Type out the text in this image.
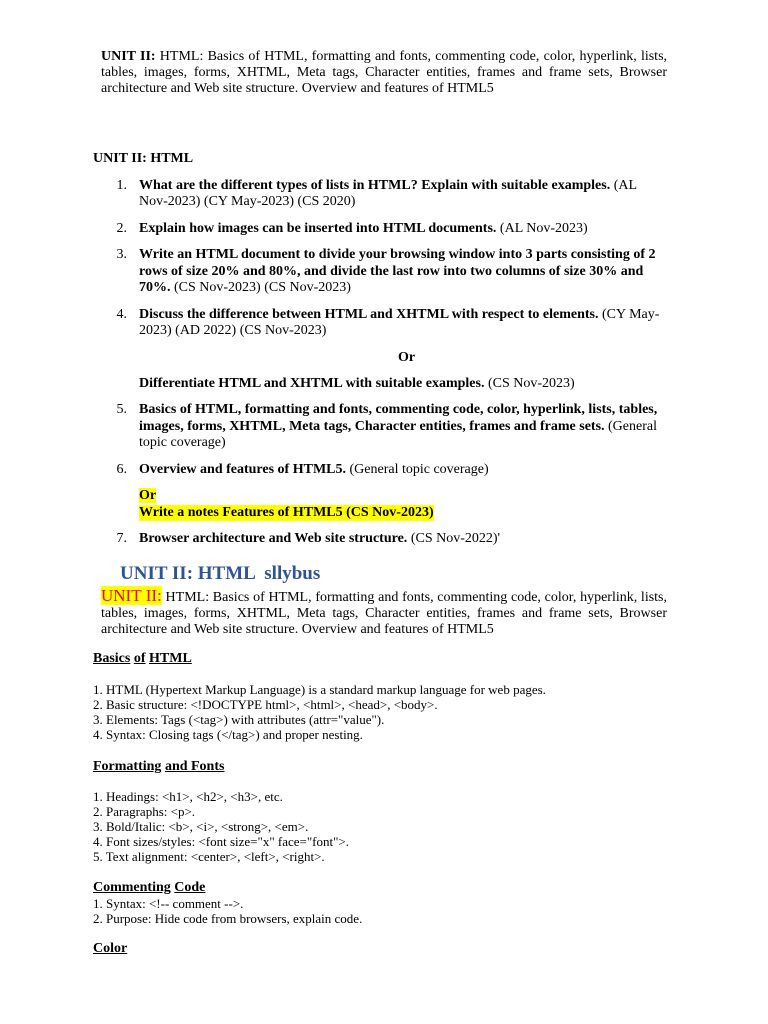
UNIT II: HTML: Basics of HTML, formatting and fonts, commenting code, color, hyperlink, lists, tables, images, forms, XHTML, Meta tags, Character entities, frames and frame sets, Browser architecture and Web site structure. Overview and features of HTML5
UNIT II: HTML
1. What are the different types of lists in HTML? Explain with suitable examples. (AL Nov-2023) (CY May-2023) (CS 2020)
2. Explain how images can be inserted into HTML documents. (AL Nov-2023)
3. Write an HTML document to divide your browsing window into 3 parts consisting of 2 rows of size 20% and 80%, and divide the last row into two columns of size 30% and 70%. (CS Nov-2023) (CS Nov-2023)
4. Discuss the difference between HTML and XHTML with respect to elements. (CY May-2023) (AD 2022) (CS Nov-2023)
Or
Differentiate HTML and XHTML with suitable examples. (CS Nov-2023)
5. Basics of HTML, formatting and fonts, commenting code, color, hyperlink, lists, tables, images, forms, XHTML, Meta tags, Character entities, frames and frame sets. (General topic coverage)
6. Overview and features of HTML5. (General topic coverage)
Or
Write a notes Features of HTML5 (CS Nov-2023)
7. Browser architecture and Web site structure. (CS Nov-2022)'
UNIT II: HTML  sllybus
UNIT II: HTML: Basics of HTML, formatting and fonts, commenting code, color, hyperlink, lists, tables, images, forms, XHTML, Meta tags, Character entities, frames and frame sets, Browser architecture and Web site structure. Overview and features of HTML5
Basics of HTML
1. HTML (Hypertext Markup Language) is a standard markup language for web pages.
2. Basic structure: <!DOCTYPE html>, <html>, <head>, <body>.
3. Elements: Tags (<tag>) with attributes (attr="value").
4. Syntax: Closing tags (</tag>) and proper nesting.
Formatting and Fonts
1. Headings: <h1>, <h2>, <h3>, etc.
2. Paragraphs: <p>.
3. Bold/Italic: <b>, <i>, <strong>, <em>.
4. Font sizes/styles: <font size="x" face="font">.
5. Text alignment: <center>, <left>, <right>.
Commenting Code
1. Syntax: <!-- comment -->.
2. Purpose: Hide code from browsers, explain code.
Color
